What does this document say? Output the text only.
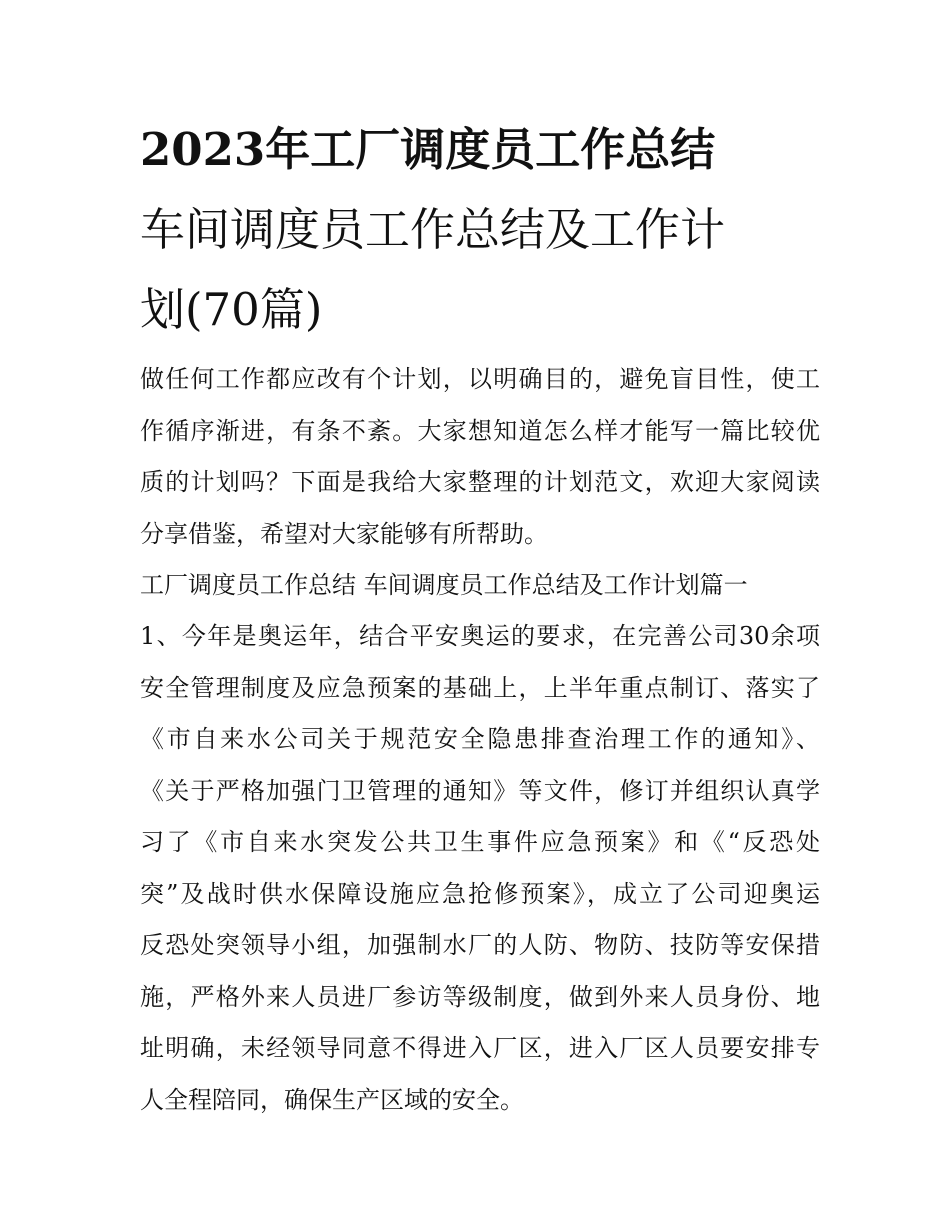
2023年工厂调度员工作总结
车间调度员工作总结及工作计
划(70篇)
做任何工作都应改有个计划，以明确目的，避免盲目性，使工
作循序渐进，有条不紊。大家想知道怎么样才能写一篇比较优
质的计划吗？下面是我给大家整理的计划范文，欢迎大家阅读
分享借鉴，希望对大家能够有所帮助。
工厂调度员工作总结 车间调度员工作总结及工作计划篇一
1、今年是奥运年，结合平安奥运的要求，在完善公司30余项
安全管理制度及应急预案的基础上，上半年重点制订、落实了
《市自来水公司关于规范安全隐患排查治理工作的通知》、
《关于严格加强门卫管理的通知》等文件，修订并组织认真学
习了《市自来水突发公共卫生事件应急预案》和《“反恐处
突”及战时供水保障设施应急抢修预案》，成立了公司迎奥运
反恐处突领导小组，加强制水厂的人防、物防、技防等安保措
施，严格外来人员进厂参访等级制度，做到外来人员身份、地
址明确，未经领导同意不得进入厂区，进入厂区人员要安排专
人全程陪同，确保生产区域的安全。
